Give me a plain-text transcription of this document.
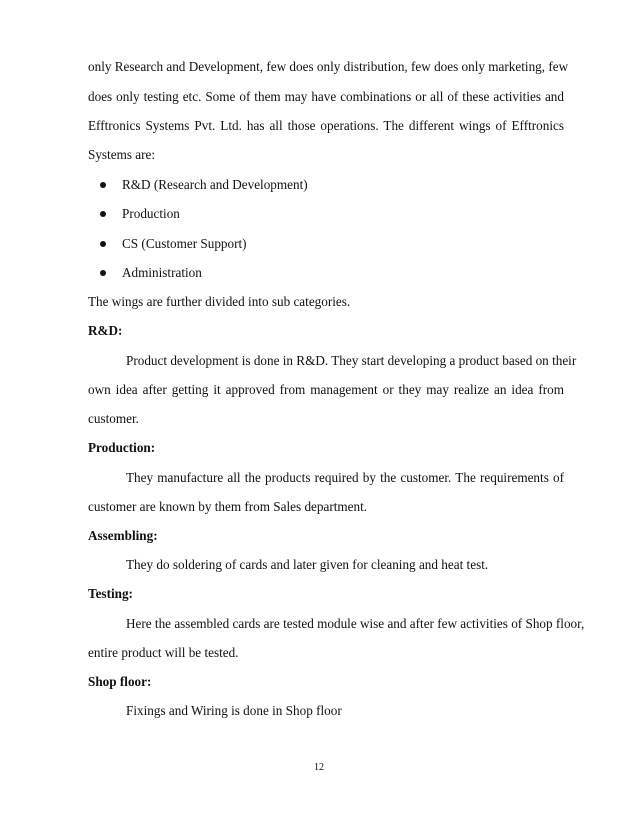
only Research and Development, few does only distribution, few does only marketing, few
does only testing etc. Some of them may have combinations or all of these activities and
Efftronics Systems Pvt. Ltd. has all those operations. The different wings of Efftronics
Systems are:
R&D (Research and Development)
Production
CS (Customer Support)
Administration
The wings are further divided into sub categories.
R&D:
Product development is done in R&D. They start developing a product based on their
own idea after getting it approved from management or they may realize an idea from
customer.
Production:
They manufacture all the products required by the customer. The requirements of
customer are known by them from Sales department.
Assembling:
They do soldering of cards and later given for cleaning and heat test.
Testing:
Here the assembled cards are tested module wise and after few activities of Shop floor,
entire product will be tested.
Shop floor:
Fixings and Wiring is done in Shop floor
12
